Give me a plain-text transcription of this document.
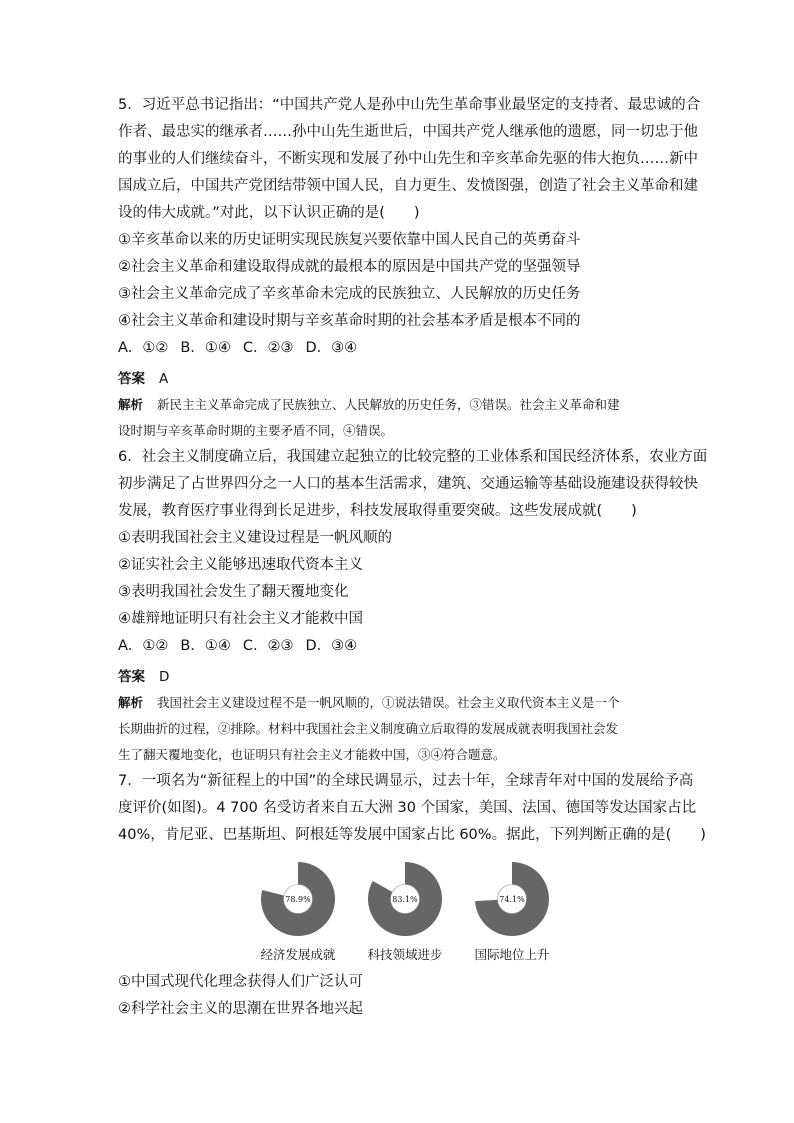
5．习近平总书记指出：“中国共产党人是孙中山先生革命事业最坚定的支持者、最忠诚的合
作者、最忠实的继承者……孙中山先生逝世后，中国共产党人继承他的遗愿，同一切忠于他
的事业的人们继续奋斗，不断实现和发展了孙中山先生和辛亥革命先驱的伟大抱负……新中
国成立后，中国共产党团结带领中国人民，自力更生、发愤图强，创造了社会主义革命和建
设的伟大成就。”对此，以下认识正确的是(　　)
①辛亥革命以来的历史证明实现民族复兴要依靠中国人民自己的英勇奋斗
②社会主义革命和建设取得成就的最根本的原因是中国共产党的坚强领导
③社会主义革命完成了辛亥革命未完成的民族独立、人民解放的历史任务
④社会主义革命和建设时期与辛亥革命时期的社会基本矛盾是根本不同的
A．①② B．①④ C．②③ D．③④
答案 A
解析 新民主主义革命完成了民族独立、人民解放的历史任务，③错误。社会主义革命和建
设时期与辛亥革命时期的主要矛盾不同，④错误。
6．社会主义制度确立后，我国建立起独立的比较完整的工业体系和国民经济体系，农业方面
初步满足了占世界四分之一人口的基本生活需求，建筑、交通运输等基础设施建设获得较快
发展，教育医疗事业得到长足进步，科技发展取得重要突破。这些发展成就(　　)
①表明我国社会主义建设过程是一帆风顺的
②证实社会主义能够迅速取代资本主义
③表明我国社会发生了翻天覆地变化
④雄辩地证明只有社会主义才能救中国
A．①② B．①④ C．②③ D．③④
答案 D
解析 我国社会主义建设过程不是一帆风顺的，①说法错误。社会主义取代资本主义是一个
长期曲折的过程，②排除。材料中我国社会主义制度确立后取得的发展成就表明我国社会发
生了翻天覆地变化，也证明只有社会主义才能救中国，③④符合题意。
7．一项名为“新征程上的中国”的全球民调显示，过去十年，全球青年对中国的发展给予高
度评价(如图)。4 700 名受访者来自五大洲 30 个国家，美国、法国、德国等发达国家占比
40%，肯尼亚、巴基斯坦、阿根廷等发展中国家占比 60%。据此，下列判断正确的是(　　)
78.9%
经济发展成就
83.1%
科技领域进步
74.1%
国际地位上升
①中国式现代化理念获得人们广泛认可
②科学社会主义的思潮在世界各地兴起
